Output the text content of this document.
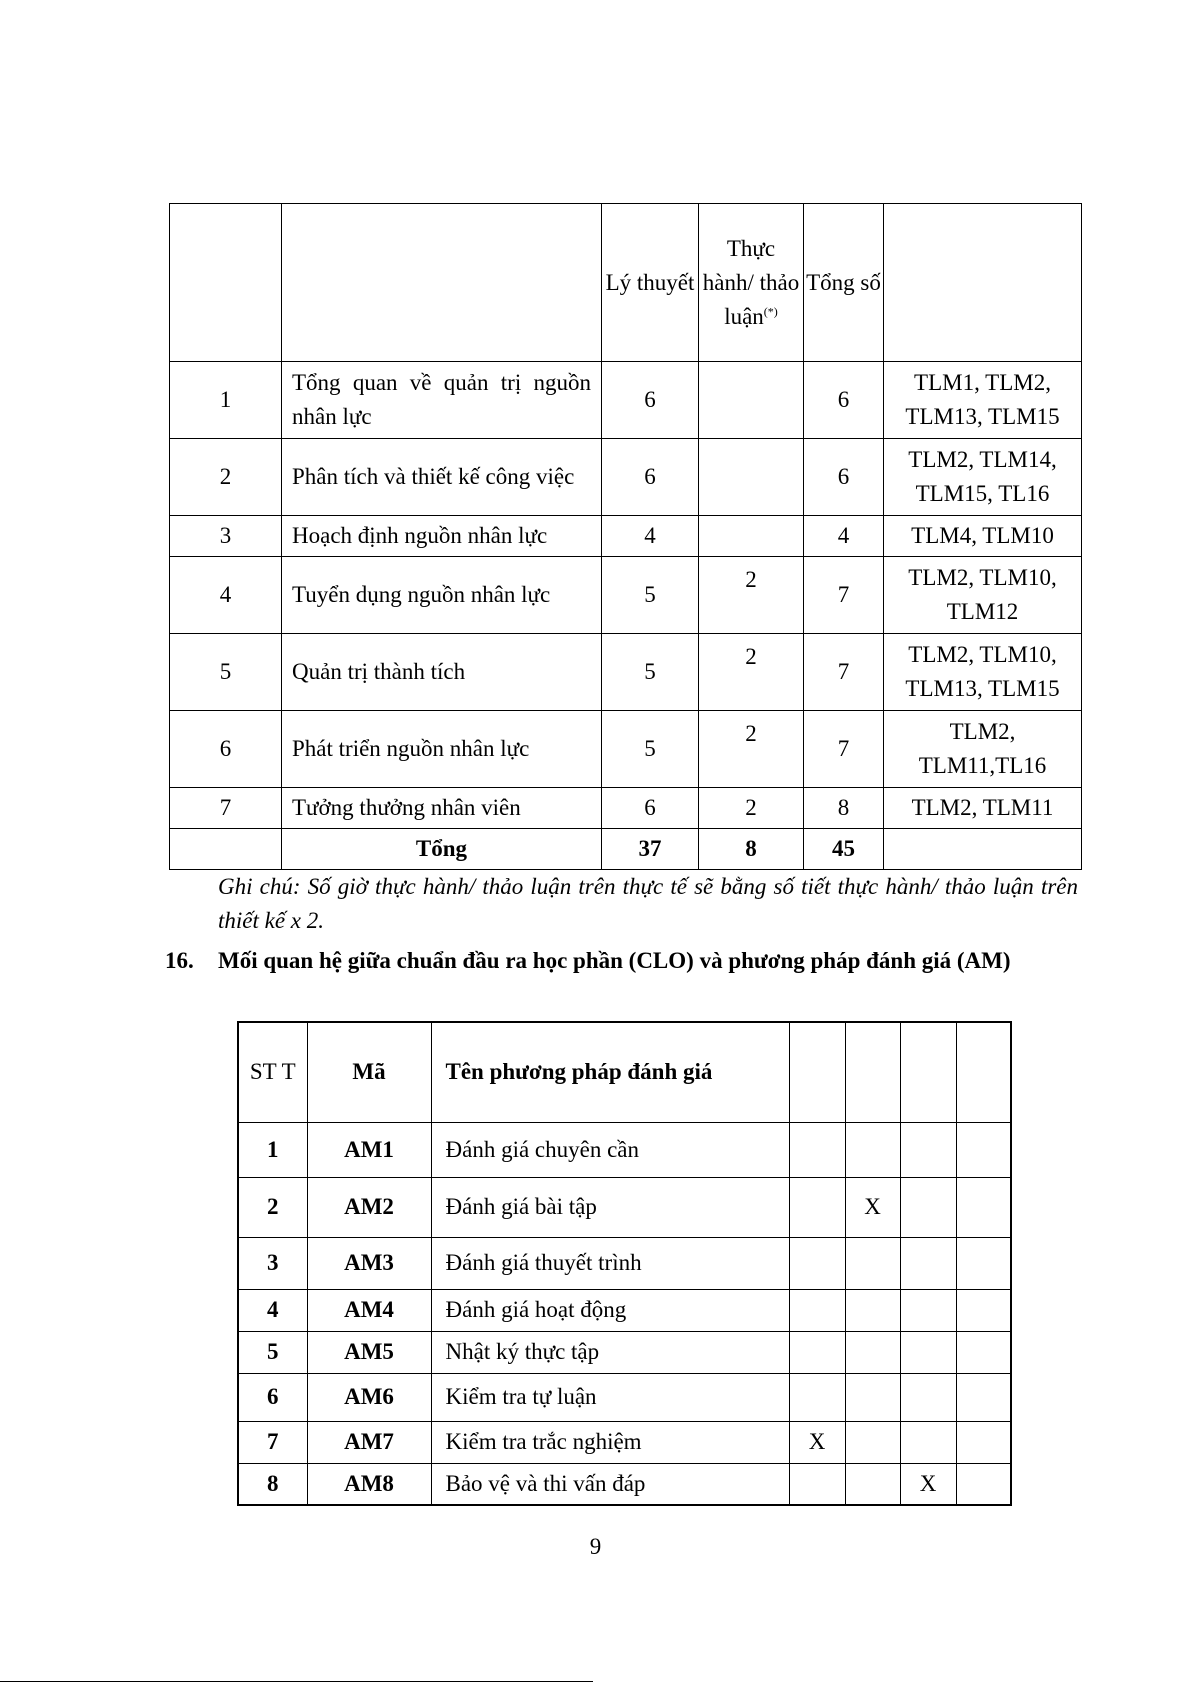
		Lý thuyết	Thực hành/ thảo luận(*)	Tổng số	
1	Tổng quan về quản trị nguồn nhân lực	6		6	TLM1, TLM2, TLM13, TLM15
2	Phân tích và thiết kế công việc	6		6	TLM2, TLM14, TLM15, TL16
3	Hoạch định nguồn nhân lực	4		4	TLM4, TLM10
4	Tuyển dụng nguồn nhân lực	5	2	7	TLM2, TLM10, TLM12
5	Quản trị thành tích	5	2	7	TLM2, TLM10, TLM13, TLM15
6	Phát triển nguồn nhân lực	5	2	7	TLM2, TLM11,TL16
7	Tưởng thưởng nhân viên	6	2	8	TLM2, TLM11
	Tổng	37	8	45	
Ghi chú: Số giờ thực hành/ thảo luận trên thực tế sẽ bằng số tiết thực hành/ thảo luận trên thiết kế x 2.
16. Mối quan hệ giữa chuẩn đầu ra học phần (CLO) và phương pháp đánh giá (AM)
ST T	Mã	Tên phương pháp đánh giá				
1	AM1	Đánh giá chuyên cần				
2	AM2	Đánh giá bài tập		X		
3	AM3	Đánh giá thuyết trình				
4	AM4	Đánh giá hoạt động				
5	AM5	Nhật ký thực tập				
6	AM6	Kiểm tra tự luận				
7	AM7	Kiểm tra trắc nghiệm	X			
8	AM8	Bảo vệ và thi vấn đáp			X	
9
